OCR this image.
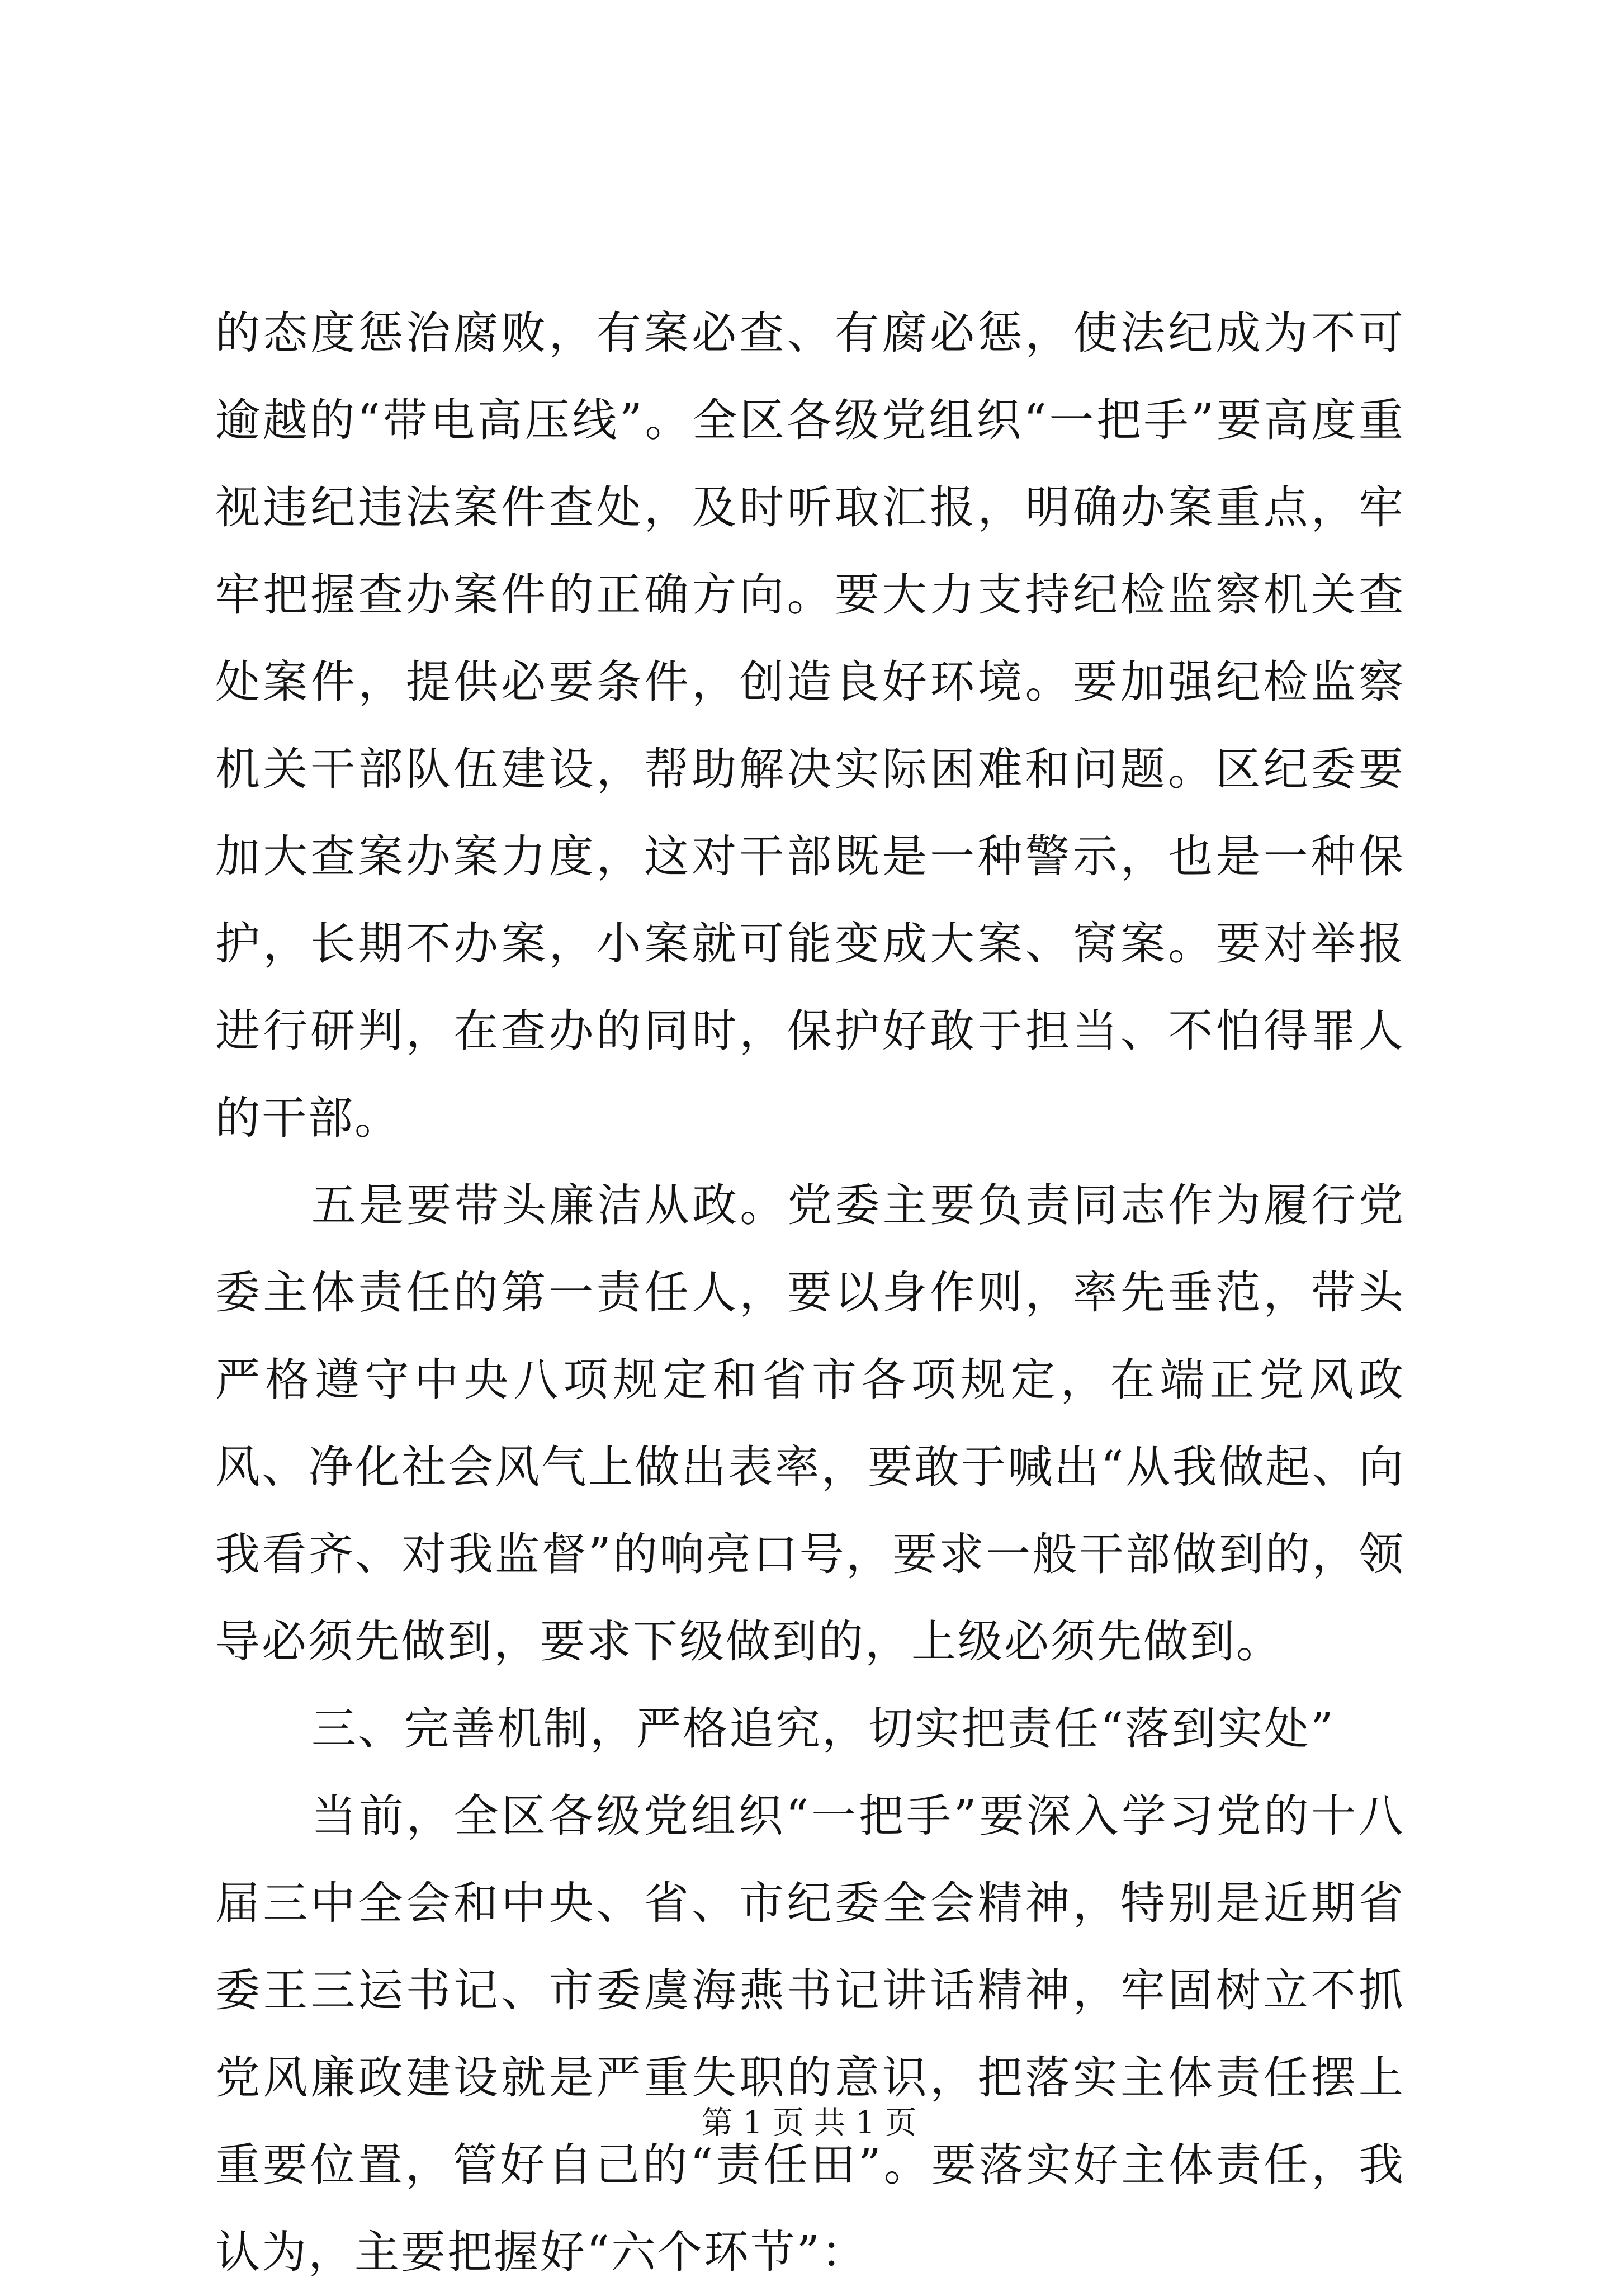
的态度惩治腐败，有案必查、有腐必惩，使法纪成为不可逾越的“带电高压线”。全区各级党组织“一把手”要高度重视违纪违法案件查处，及时听取汇报，明确办案重点，牢牢把握查办案件的正确方向。要大力支持纪检监察机关查处案件，提供必要条件，创造良好环境。要加强纪检监察机关干部队伍建设，帮助解决实际困难和问题。区纪委要加大查案办案力度，这对干部既是一种警示，也是一种保护，长期不办案，小案就可能变成大案、窝案。要对举报进行研判，在查办的同时，保护好敢于担当、不怕得罪人的干部。

五是要带头廉洁从政。党委主要负责同志作为履行党委主体责任的第一责任人，要以身作则，率先垂范，带头严格遵守中央八项规定和省市各项规定，在端正党风政风、净化社会风气上做出表率，要敢于喊出“从我做起、向我看齐、对我监督”的响亮口号，要求一般干部做到的，领导必须先做到，要求下级做到的，上级必须先做到。

三、完善机制，严格追究，切实把责任“落到实处”

当前，全区各级党组织“一把手”要深入学习党的十八届三中全会和中央、省、市纪委全会精神，特别是近期省委王三运书记、市委虞海燕书记讲话精神，牢固树立不抓党风廉政建设就是严重失职的意识，把落实主体责任摆上重要位置，管好自己的“责任田”。要落实好主体责任，我认为，主要把握好“六个环节”：

第 1 页 共 1 页
